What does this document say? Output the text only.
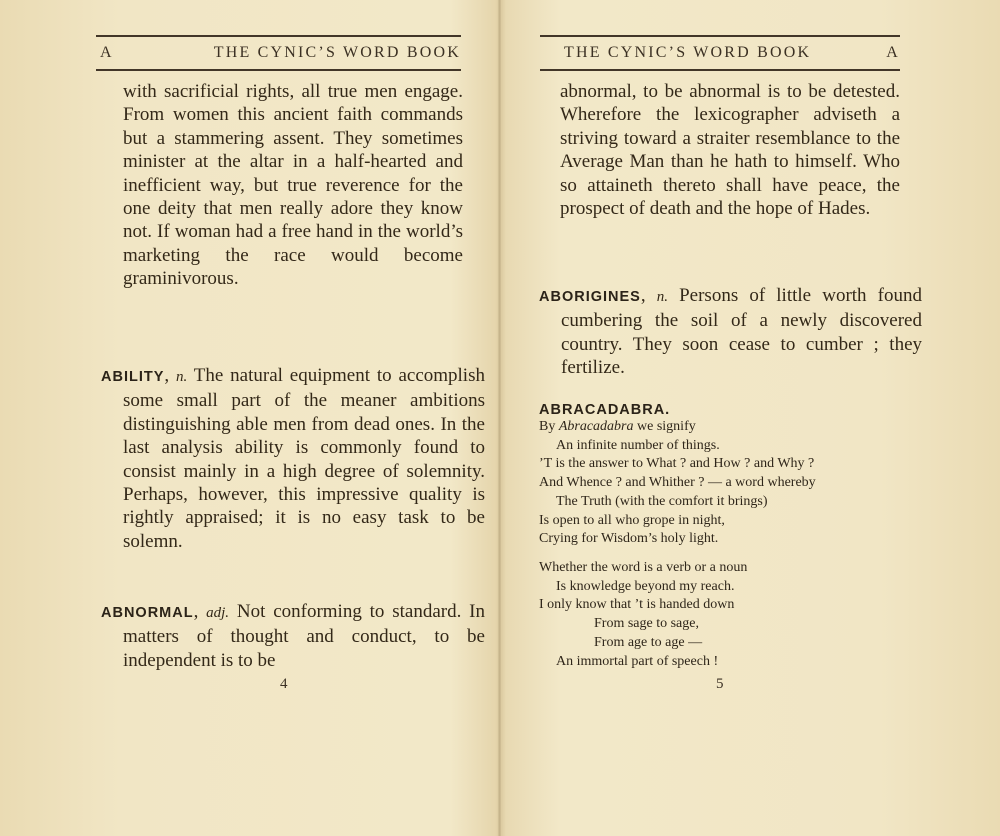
A	THE CYNIC’S WORD BOOK

with sacrificial rights, all true men engage. From women this ancient faith commands but a stammering assent. They sometimes minister at the altar in a half-hearted and inefficient way, but true reverence for the one deity that men really adore they know not. If woman had a free hand in the world’s marketing the race would become graminivorous.

ABILITY, n. The natural equipment to accomplish some small part of the meaner ambitions distinguishing able men from dead ones. In the last analysis ability is commonly found to consist mainly in a high degree of solemnity. Perhaps, however, this impressive quality is rightly appraised; it is no easy task to be solemn.

ABNORMAL, adj. Not conforming to standard. In matters of thought and conduct, to be independent is to be

4
THE CYNIC’S WORD BOOK	A

abnormal, to be abnormal is to be detested. Wherefore the lexicographer adviseth a striving toward a straiter resemblance to the Average Man than he hath to himself. Who so attaineth thereto shall have peace, the prospect of death and the hope of Hades.

ABORIGINES, n. Persons of little worth found cumbering the soil of a newly discovered country. They soon cease to cumber ; they fertilize.

ABRACADABRA.
By Abracadabra we signify
An infinite number of things.
’T is the answer to What ? and How ? and Why ?
And Whence ? and Whither ? — a word whereby
The Truth (with the comfort it brings)
Is open to all who grope in night,
Crying for Wisdom’s holy light.
Whether the word is a verb or a noun
Is knowledge beyond my reach.
I only know that ’t is handed down
From sage to sage,
From age to age —
An immortal part of speech !
5
